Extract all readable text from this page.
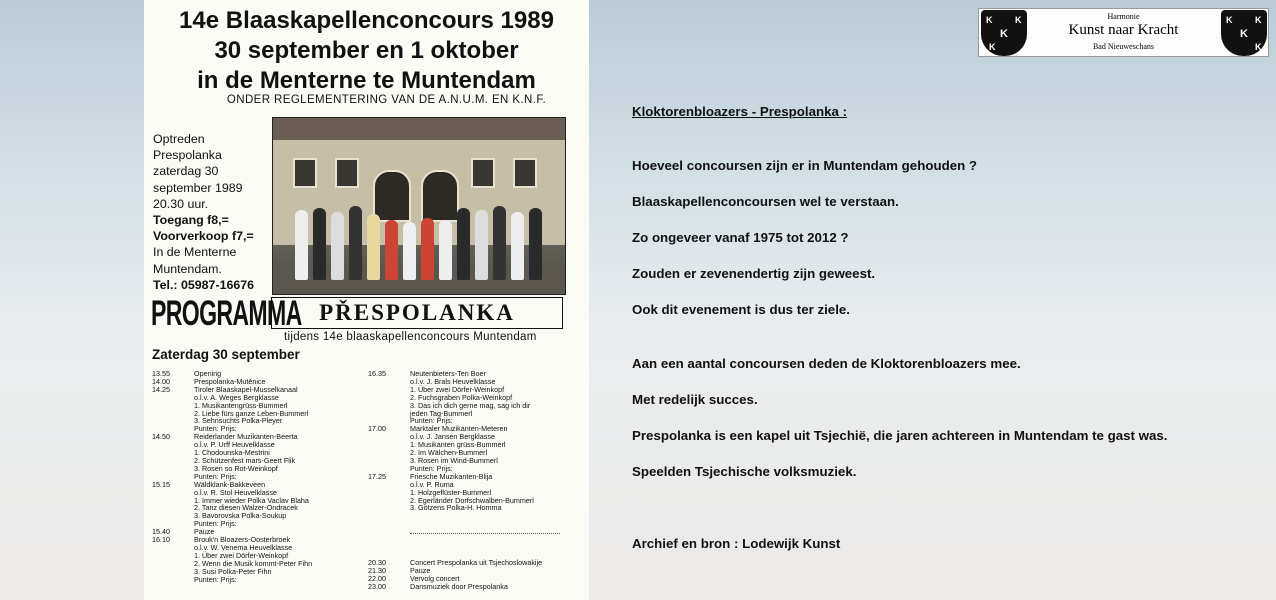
14e Blaaskapellenconcours 1989
30 september en 1 oktober
in de Menterne te Muntendam
ONDER REGLEMENTERING VAN DE A.N.U.M. EN K.N.F.
Optreden
Prespolanka
zaterdag 30
september 1989
20.30 uur.
Toegang f8,=
Voorverkoop f7,=
In de Menterne
Muntendam.
Tel.: 05987-16676
PROGRAMMA PŘESPOLANKA
tijdens 14e blaaskapellenconcours Muntendam
Zaterdag 30 september
13.55	Opening
14.00	Prespolanka-Mutěnice
14.25	Tiroler Blaaskapel-Musselkanaal
o.l.v. A. Weges Bergklasse
1. Musikantengrüss-Bummerl
2. Liebe fürs ganze Leben-Bummerl
3. Sehnsuchts Polka-Pleyer
Punten: Prijs:
14.50	Reiderlander Muzikanten-Beerta
o.l.v. P. Urff Heuvelklasse
1. Chodounska-Mestrini
2. Schützenfest mars-Geert Flik
3. Rosen so Rot-Weinkopf
Punten: Prijs:
15.15	Wäldklank-Bakkeveen
o.l.v. R. Stol Heuvelklasse
1. Immer wieder Polka Vaclav Blaha
2. Tanz diesen Walzer-Ondracek
3. Bavorovska Polka-Soukup
Punten: Prijs:
15.40	Pauze
16.10	Brouk'n Bloazers-Oosterbroek
o.l.v. W. Venema Heuvelklasse
1. Über zwei Dörfer-Weinkopf
2. Wenn die Musik kommt-Peter Fihn
3. Susi Polka-Peter Fihn
Punten: Prijs:
16.35	Neutenbieters-Ten Boer
o.l.v. J. Brals Heuvelklasse
1. Über zwei Dörfer-Weinkopf
2. Fuchsgraben Polka-Weinkopf
3. Das ich dich gerne mag, sag ich dir
jeden Tag-Bummerl
Punten: Prijs:
17.00	Marktaler Muzikanten-Meteren
o.l.v. J. Jansen Bergklasse
1. Musikanten grüss-Bummerl
2. Im Wälchen-Bummerl
3. Rosen im Wind-Bummerl
Punten: Prijs:
17.25	Friesche Muzikanten-Blija
o.l.v. P. Ruma
1. Holzgeflüster-Bummerl
2. Egerländer Dorfschwalben-Bummerl
3. Götzens Polka-H. Homma
20.30	Concert Prespolanka uit Tsjechoslowakije
21.30	Pauze
22.00	Vervolg concert
23.00	Dansmuziek door Prespolanka
K	K
K
K
Harmonie
Kunst naar Kracht
Bad Nieuweschans
K	K
K
K
Kloktorenbloazers - Prespolanka :
Hoeveel concoursen zijn er in Muntendam gehouden ?
Blaaskapellenconcoursen wel te verstaan.
Zo ongeveer vanaf 1975 tot 2012 ?
Zouden er zevenendertig zijn geweest.
Ook dit evenement is dus ter ziele.
Aan een aantal concoursen deden de Kloktorenbloazers mee.
Met redelijk succes.
Prespolanka is een kapel uit Tsjechië, die jaren achtereen in Muntendam te gast was.
Speelden Tsjechische volksmuziek.
Archief en bron : Lodewijk Kunst
